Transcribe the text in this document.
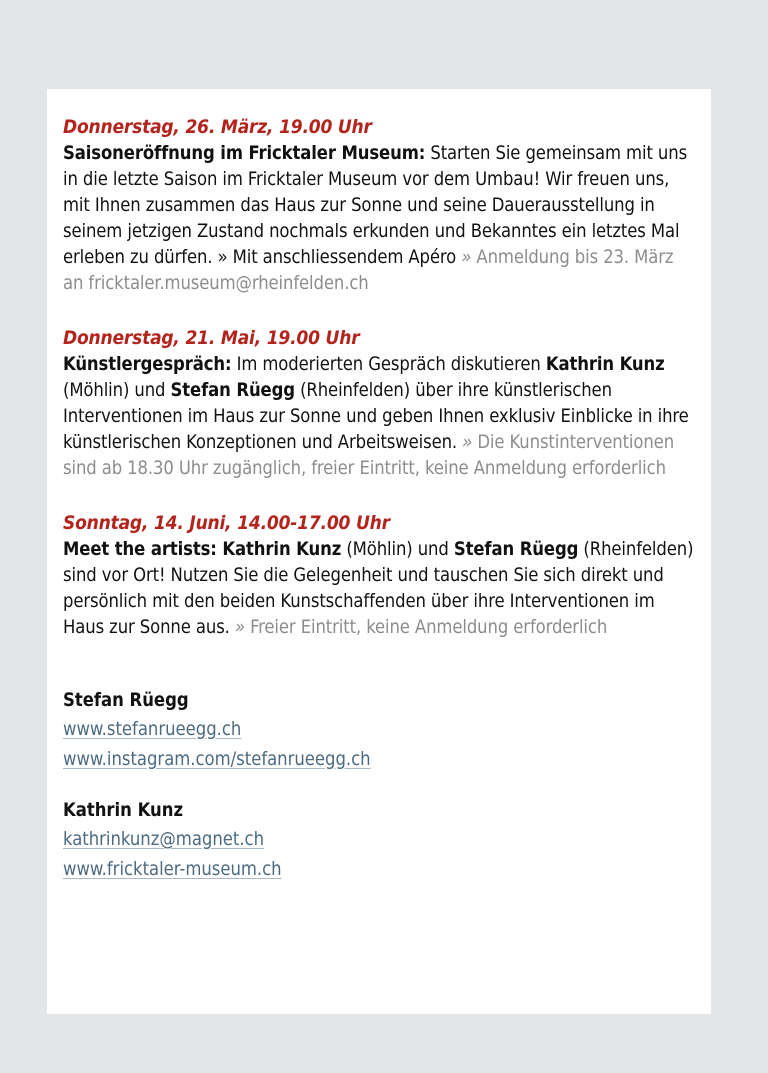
Donnerstag, 26. März, 19.00 Uhr
Saisoneröffnung im Fricktaler Museum: Starten Sie gemeinsam mit uns in die letzte Saison im Fricktaler Museum vor dem Umbau! Wir freuen uns, mit Ihnen zusammen das Haus zur Sonne und seine Dauerausstellung in seinem jetzigen Zustand nochmals erkunden und Bekanntes ein letztes Mal erleben zu dürfen. » Mit anschliessendem Apéro » Anmeldung bis 23. März an fricktaler.museum@rheinfelden.ch
Donnerstag, 21. Mai, 19.00 Uhr
Künstlergespräch: Im moderierten Gespräch diskutieren Kathrin Kunz (Möhlin) und Stefan Rüegg (Rheinfelden) über ihre künstlerischen Interventionen im Haus zur Sonne und geben Ihnen exklusiv Einblicke in ihre künstlerischen Konzeptionen und Arbeitsweisen. » Die Kunstinterventionen sind ab 18.30 Uhr zugänglich, freier Eintritt, keine Anmeldung erforderlich
Sonntag, 14. Juni, 14.00-17.00 Uhr
Meet the artists: Kathrin Kunz (Möhlin) und Stefan Rüegg (Rheinfelden) sind vor Ort! Nutzen Sie die Gelegenheit und tauschen Sie sich direkt und persönlich mit den beiden Kunstschaffenden über ihre Interventionen im Haus zur Sonne aus. » Freier Eintritt, keine Anmeldung erforderlich
Stefan Rüegg
www.stefanrueegg.ch
www.instagram.com/stefanrueegg.ch
Kathrin Kunz
kathrinkunz@magnet.ch
www.fricktaler-museum.ch
